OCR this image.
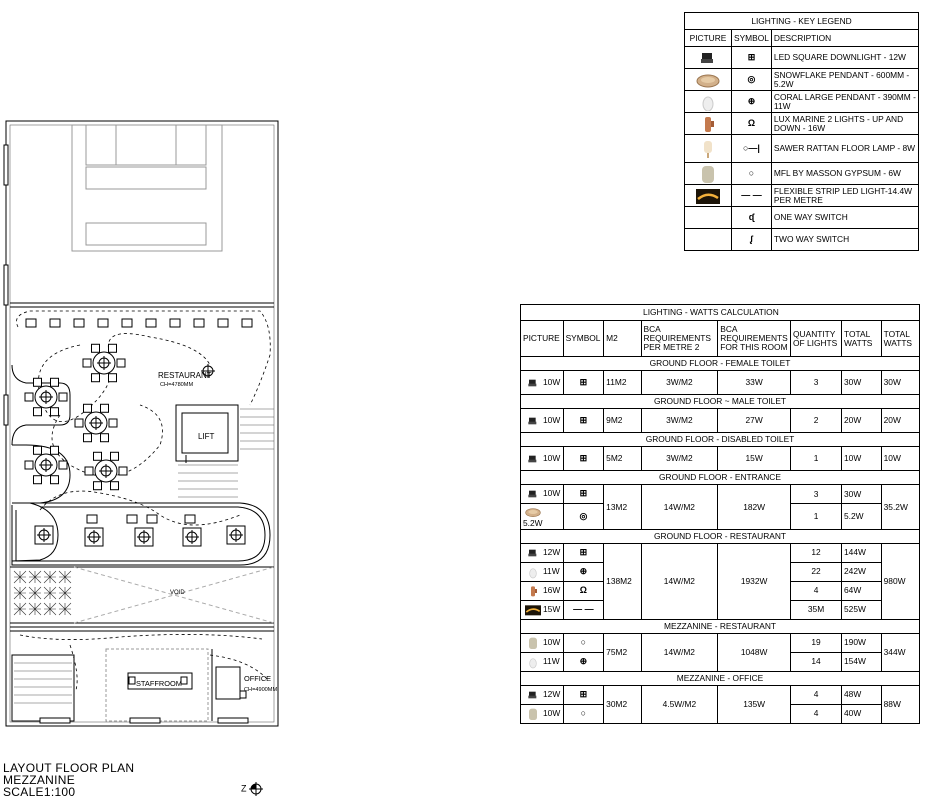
LIGHTING - KEY LEGEND		
PICTURE	SYMBOL	DESCRIPTION
	⊞	LED SQUARE DOWNLIGHT - 12W
	◎	SNOWFLAKE PENDANT - 600MM - 5.2W
	⊕	CORAL LARGE PENDANT - 390MM - 11W
	Ω	LUX MARINE 2 LIGHTS - UP AND DOWN - 16W
	○—|	SAWER RATTAN FLOOR LAMP - 8W
	○	MFL BY MASSON GYPSUM - 6W
	— —	FLEXIBLE STRIP LED LIGHT-14.4W PER METRE
	ᶑ	ONE WAY SWITCH
	ᶘ	TWO WAY SWITCH
			LIGHTING - WATTS CALCULATION				
PICTURE	SYMBOL	M2	BCA REQUIREMENTS PER METRE 2	BCA REQUIREMENTS FOR THIS ROOM	QUANTITY OF LIGHTS	TOTAL WATTS	TOTAL WATTS
GROUND FLOOR - FEMALE TOILET							
10W	⊞	11M2	3W/M2	33W	3	30W	30W
GROUND FLOOR ~ MALE TOILET							
10W	⊞	9M2	3W/M2	27W	2	20W	20W
GROUND FLOOR - DISABLED TOILET							
10W	⊞	5M2	3W/M2	15W	1	10W	10W
GROUND FLOOR - ENTRANCE							
10W	⊞	13M2	14W/M2	182W	3	30W	35.2W
5.2W	◎				1	5.2W	
GROUND FLOOR - RESTAURANT							
12W	⊞	138M2	14W/M2	1932W	12	144W	980W
11W	⊕				22	242W	
16W	Ω				4	64W	
15W	— —				35M	525W	
MEZZANINE - RESTAURANT							
10W	○	75M2	14W/M2	1048W	19	190W	344W
11W	⊕				14	154W	
MEZZANINE - OFFICE							
12W	⊞	30M2	4.5W/M2	135W	4	48W	88W
10W	○				4	40W	
RESTAURANT
CH=4780MM
LIFT
VOID
STAFFROOM
OFFICE
CH=4900MM
LAYOUT FLOOR PLAN
MEZZANINE
SCALE1:100	Z
